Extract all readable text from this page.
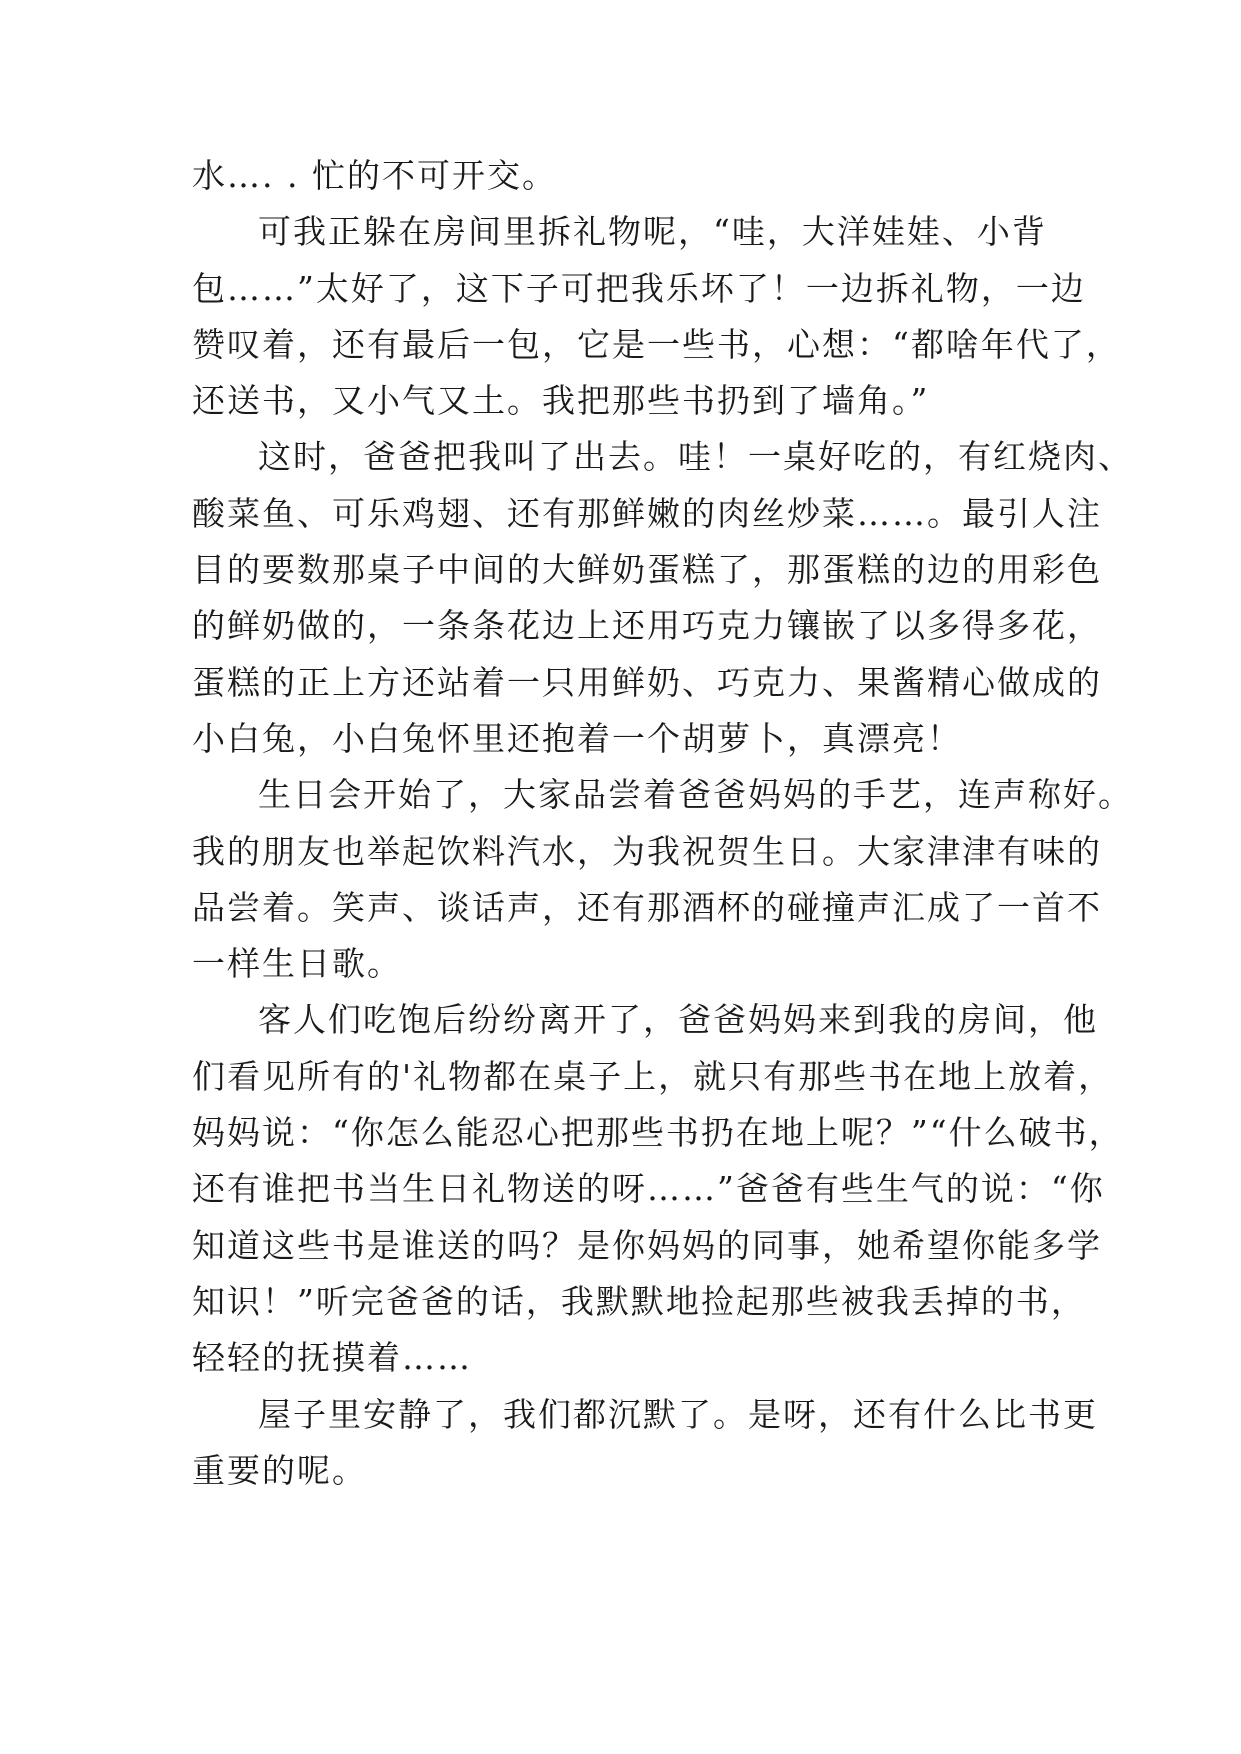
水…. . 忙的不可开交。
可我正躲在房间里拆礼物呢，“哇，大洋娃娃、小背
包……”太好了，这下子可把我乐坏了！一边拆礼物，一边
赞叹着，还有最后一包，它是一些书，心想：“都啥年代了，
还送书，又小气又土。我把那些书扔到了墙角。”
这时，爸爸把我叫了出去。哇！一桌好吃的，有红烧肉、
酸菜鱼、可乐鸡翅、还有那鲜嫩的肉丝炒菜……。最引人注
目的要数那桌子中间的大鲜奶蛋糕了，那蛋糕的边的用彩色
的鲜奶做的，一条条花边上还用巧克力镶嵌了以多得多花，
蛋糕的正上方还站着一只用鲜奶、巧克力、果酱精心做成的
小白兔，小白兔怀里还抱着一个胡萝卜，真漂亮！
生日会开始了，大家品尝着爸爸妈妈的手艺，连声称好。
我的朋友也举起饮料汽水，为我祝贺生日。大家津津有味的
品尝着。笑声、谈话声，还有那酒杯的碰撞声汇成了一首不
一样生日歌。
客人们吃饱后纷纷离开了，爸爸妈妈来到我的房间，他
们看见所有的'礼物都在桌子上，就只有那些书在地上放着，
妈妈说：“你怎么能忍心把那些书扔在地上呢？”“什么破书，
还有谁把书当生日礼物送的呀……”爸爸有些生气的说：“你
知道这些书是谁送的吗？是你妈妈的同事，她希望你能多学
知识！”听完爸爸的话，我默默地捡起那些被我丢掉的书，
轻轻的抚摸着……
屋子里安静了，我们都沉默了。是呀，还有什么比书更
重要的呢。
